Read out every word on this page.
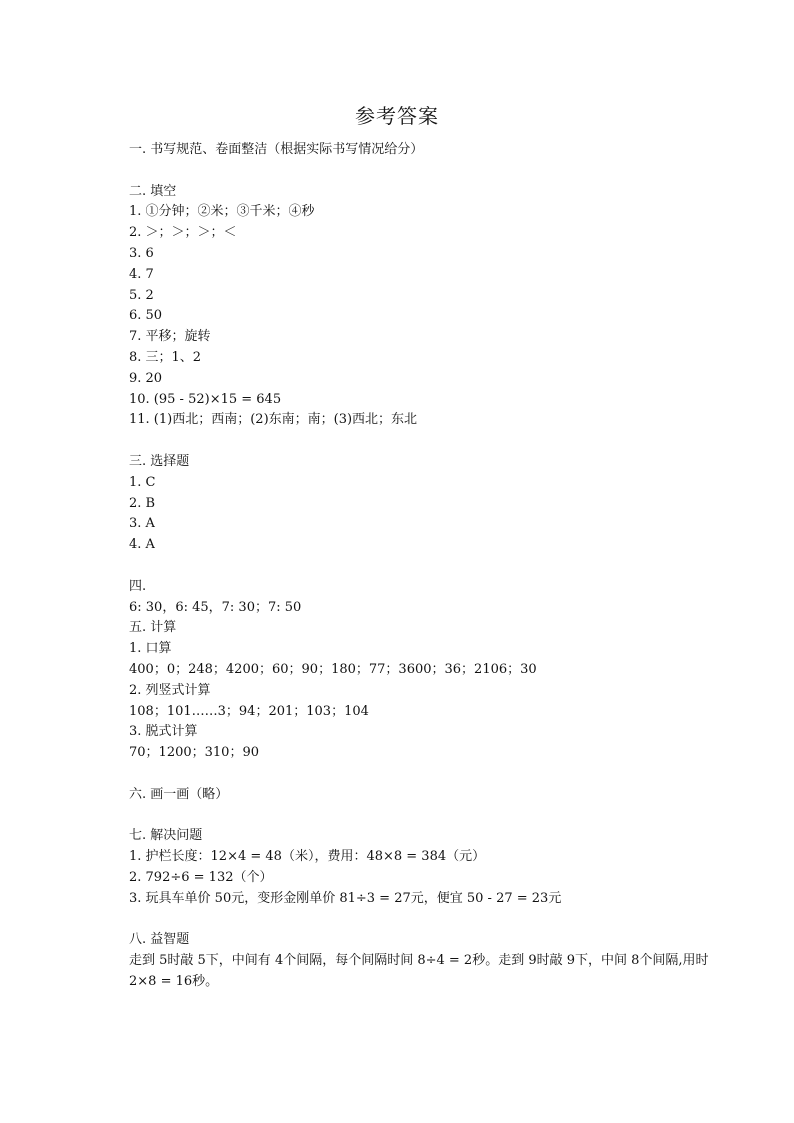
参考答案
一. 书写规范、卷面整洁（根据实际书写情况给分）
二. 填空
1. ①分钟；②米；③千米；④秒
2. ＞；＞；＞；＜
3. 6
4. 7
5. 2
6. 50
7. 平移；旋转
8. 三；1、2
9. 20
10. (95 - 52)×15 = 645
11. (1)西北；西南；(2)东南；南；(3)西北；东北
三. 选择题
1. C
2. B
3. A
4. A
四.
6: 30，6: 45，7: 30；7: 50
五. 计算
1. 口算
400；0；248；4200；60；90；180；77；3600；36；2106；30
2. 列竖式计算
108；101……3；94；201；103；104
3. 脱式计算
70；1200；310；90
六. 画一画（略）
七. 解决问题
1. 护栏长度：12×4 = 48（米），费用：48×8 = 384（元）
2. 792÷6 = 132（个）
3. 玩具车单价 50元，变形金刚单价 81÷3 = 27元，便宜 50 - 27 = 23元
八. 益智题
走到 5时敲 5下，中间有 4个间隔，每个间隔时间 8÷4 = 2秒。走到 9时敲 9下，中间 8个间隔,用时 2×8 = 16秒。
